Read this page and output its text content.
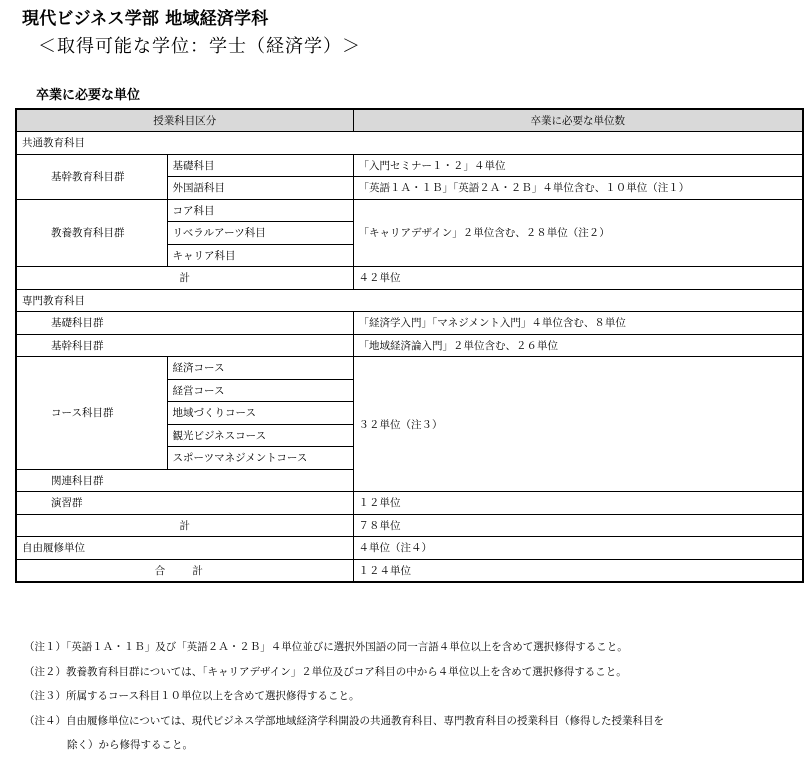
現代ビジネス学部 地域経済学科
＜取得可能な学位：学士（経済学）＞
卒業に必要な単位
授業科目区分		卒業に必要な単位数
共通教育科目		
基幹教育科目群	基礎科目	「入門セミナー１・２」４単位
	外国語科目	「英語１Ａ・１Ｂ」「英語２Ａ・２Ｂ」４単位含む、１０単位（注１）
教養教育科目群	コア科目	「キャリアデザイン」２単位含む、２８単位（注２）
	リベラルアーツ科目	
	キャリア科目	
計		４２単位
専門教育科目		
基礎科目群		「経済学入門」「マネジメント入門」４単位含む、８単位
基幹科目群		「地域経済論入門」２単位含む、２６単位
コース科目群	経済コース	３２単位（注３）
	経営コース	
	地域づくりコース	
	観光ビジネスコース	
	スポーツマネジメントコース	
関連科目群		
演習群		１２単位
計		７８単位
自由履修単位		４単位（注４）
合 計		１２４単位
（注１）「英語１Ａ・１Ｂ」及び「英語２Ａ・２Ｂ」４単位並びに選択外国語の同一言語４単位以上を含めて選択修得すること。
（注２）教養教育科目群については、「キャリアデザイン」２単位及びコア科目の中から４単位以上を含めて選択修得すること。
（注３）所属するコース科目１０単位以上を含めて選択修得すること。
（注４）自由履修単位については、現代ビジネス学部地域経済学科開設の共通教育科目、専門教育科目の授業科目（修得した授業科目を
除く）から修得すること。
